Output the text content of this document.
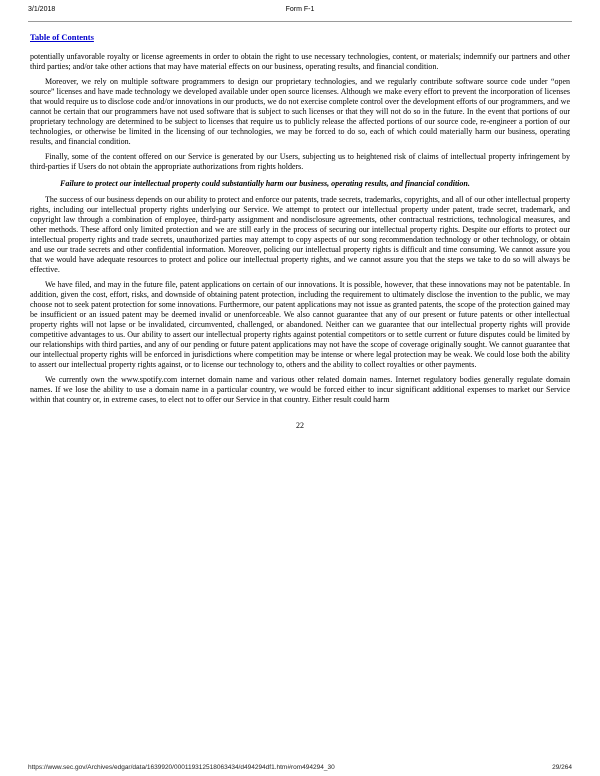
3/1/2018	Form F-1
Table of Contents

potentially unfavorable royalty or license agreements in order to obtain the right to use necessary technologies, content, or materials; indemnify our partners and other third parties; and/or take other actions that may have material effects on our business, operating results, and financial condition.

Moreover, we rely on multiple software programmers to design our proprietary technologies, and we regularly contribute software source code under “open source” licenses and have made technology we developed available under open source licenses. Although we make every effort to prevent the incorporation of licenses that would require us to disclose code and/or innovations in our products, we do not exercise complete control over the development efforts of our programmers, and we cannot be certain that our programmers have not used software that is subject to such licenses or that they will not do so in the future. In the event that portions of our proprietary technology are determined to be subject to licenses that require us to publicly release the affected portions of our source code, re-engineer a portion of our technologies, or otherwise be limited in the licensing of our technologies, we may be forced to do so, each of which could materially harm our business, operating results, and financial condition.

Finally, some of the content offered on our Service is generated by our Users, subjecting us to heightened risk of claims of intellectual property infringement by third-parties if Users do not obtain the appropriate authorizations from rights holders.

Failure to protect our intellectual property could substantially harm our business, operating results, and financial condition.

The success of our business depends on our ability to protect and enforce our patents, trade secrets, trademarks, copyrights, and all of our other intellectual property rights, including our intellectual property rights underlying our Service. We attempt to protect our intellectual property under patent, trade secret, trademark, and copyright law through a combination of employee, third-party assignment and nondisclosure agreements, other contractual restrictions, technological measures, and other methods. These afford only limited protection and we are still early in the process of securing our intellectual property rights. Despite our efforts to protect our intellectual property rights and trade secrets, unauthorized parties may attempt to copy aspects of our song recommendation technology or other technology, or obtain and use our trade secrets and other confidential information. Moreover, policing our intellectual property rights is difficult and time consuming. We cannot assure you that we would have adequate resources to protect and police our intellectual property rights, and we cannot assure you that the steps we take to do so will always be effective.

We have filed, and may in the future file, patent applications on certain of our innovations. It is possible, however, that these innovations may not be patentable. In addition, given the cost, effort, risks, and downside of obtaining patent protection, including the requirement to ultimately disclose the invention to the public, we may choose not to seek patent protection for some innovations. Furthermore, our patent applications may not issue as granted patents, the scope of the protection gained may be insufficient or an issued patent may be deemed invalid or unenforceable. We also cannot guarantee that any of our present or future patents or other intellectual property rights will not lapse or be invalidated, circumvented, challenged, or abandoned. Neither can we guarantee that our intellectual property rights will provide competitive advantages to us. Our ability to assert our intellectual property rights against potential competitors or to settle current or future disputes could be limited by our relationships with third parties, and any of our pending or future patent applications may not have the scope of coverage originally sought. We cannot guarantee that our intellectual property rights will be enforced in jurisdictions where competition may be intense or where legal protection may be weak. We could lose both the ability to assert our intellectual property rights against, or to license our technology to, others and the ability to collect royalties or other payments.

We currently own the www.spotify.com internet domain name and various other related domain names. Internet regulatory bodies generally regulate domain names. If we lose the ability to use a domain name in a particular country, we would be forced either to incur significant additional expenses to market our Service within that country or, in extreme cases, to elect not to offer our Service in that country. Either result could harm

22
https://www.sec.gov/Archives/edgar/data/1639920/000119312518063434/d494294df1.htm#rom494294_30	29/264
